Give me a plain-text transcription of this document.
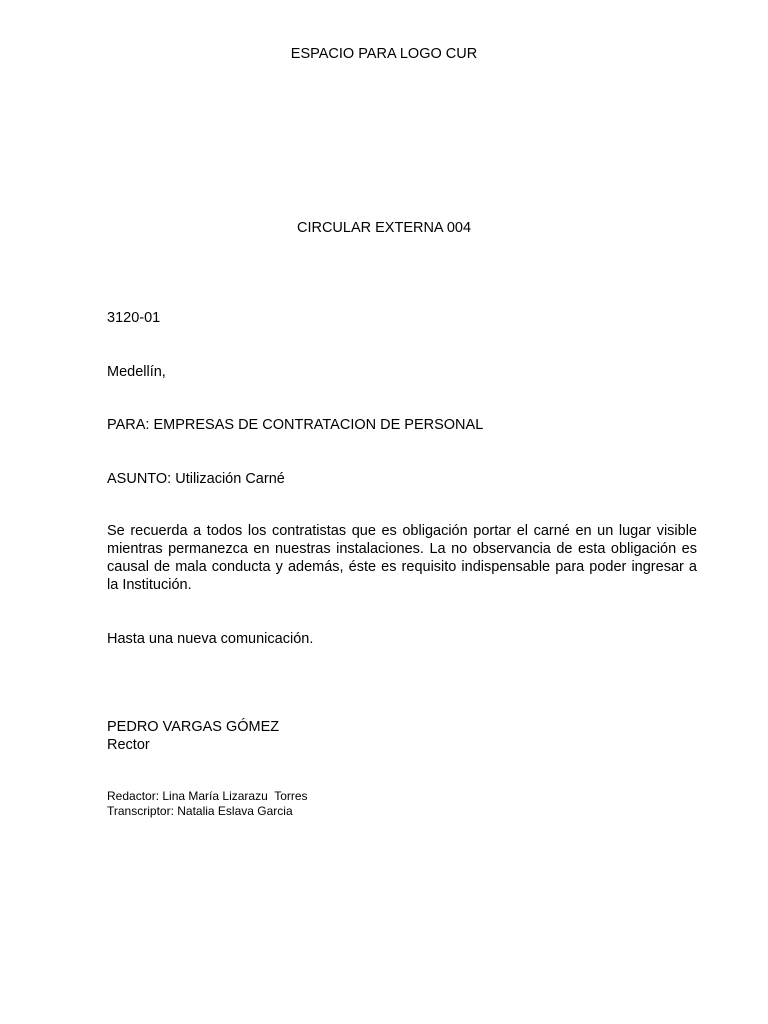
ESPACIO PARA LOGO CUR
CIRCULAR EXTERNA 004
3120-01
Medellín,
PARA: EMPRESAS DE CONTRATACION DE PERSONAL
ASUNTO: Utilización Carné

Se recuerda a todos los contratistas que es obligación portar el carné en un lugar visible mientras permanezca en nuestras instalaciones. La no observancia de esta obligación es causal de mala conducta y además, éste es requisito indispensable para poder ingresar a la Institución.

Hasta una nueva comunicación.
PEDRO VARGAS GÓMEZ
Rector
Redactor: Lina María Lizarazu  Torres
Transcriptor: Natalia Eslava Garcia
